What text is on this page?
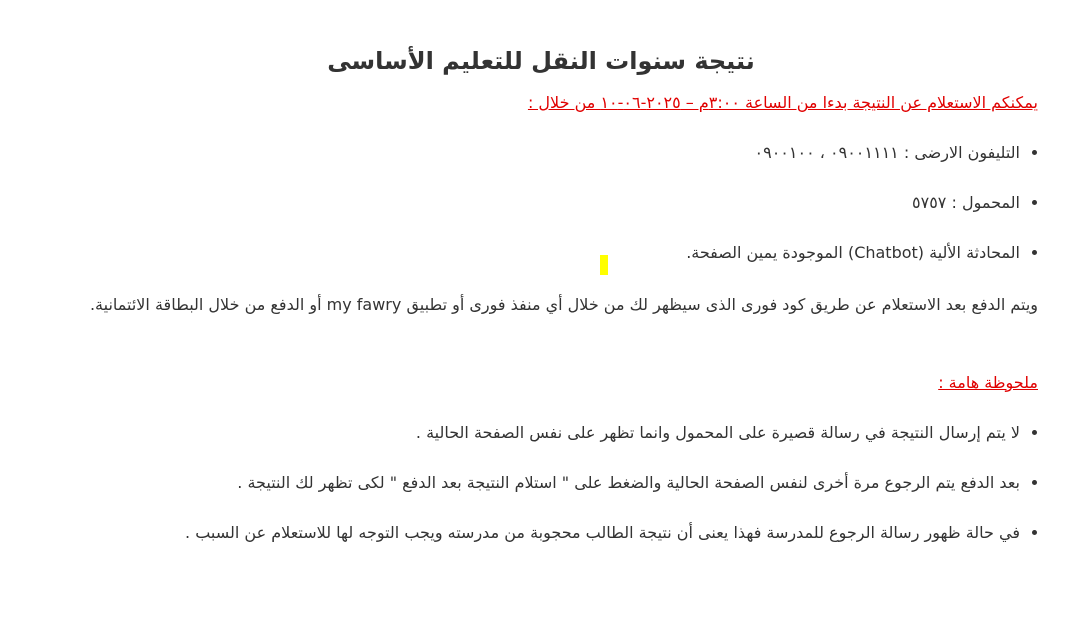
نتيجة سنوات النقل للتعليم الأساسى
يمكنكم الاستعلام عن النتيجة بدءا من الساعة ٣:٠٠م – ٢٠٢٥-٠٦-١٠ من خلال :
• التليفون الارضى : ٠٩٠٠١١١١ ، ٠٩٠٠١٠٠
• المحمول : ٥٧٥٧
• المحادثة الألية (Chatbot) الموجودة يمين الصفحة.

ويتم الدفع بعد الاستعلام عن طريق كود فورى الذى سيظهر لك من خلال أي منفذ فورى أو تطبيق my fawry أو الدفع من خلال البطاقة الائتمانية.

ملحوظة هامة :

• لا يتم إرسال النتيجة في رسالة قصيرة على المحمول وانما تظهر على نفس الصفحة الحالية .
• بعد الدفع يتم الرجوع مرة أخرى لنفس الصفحة الحالية والضغط على " استلام النتيجة بعد الدفع " لكى تظهر لك النتيجة .
• في حالة ظهور رسالة الرجوع للمدرسة فهذا يعنى أن نتيجة الطالب محجوبة من مدرسته ويجب التوجه لها للاستعلام عن السبب .
